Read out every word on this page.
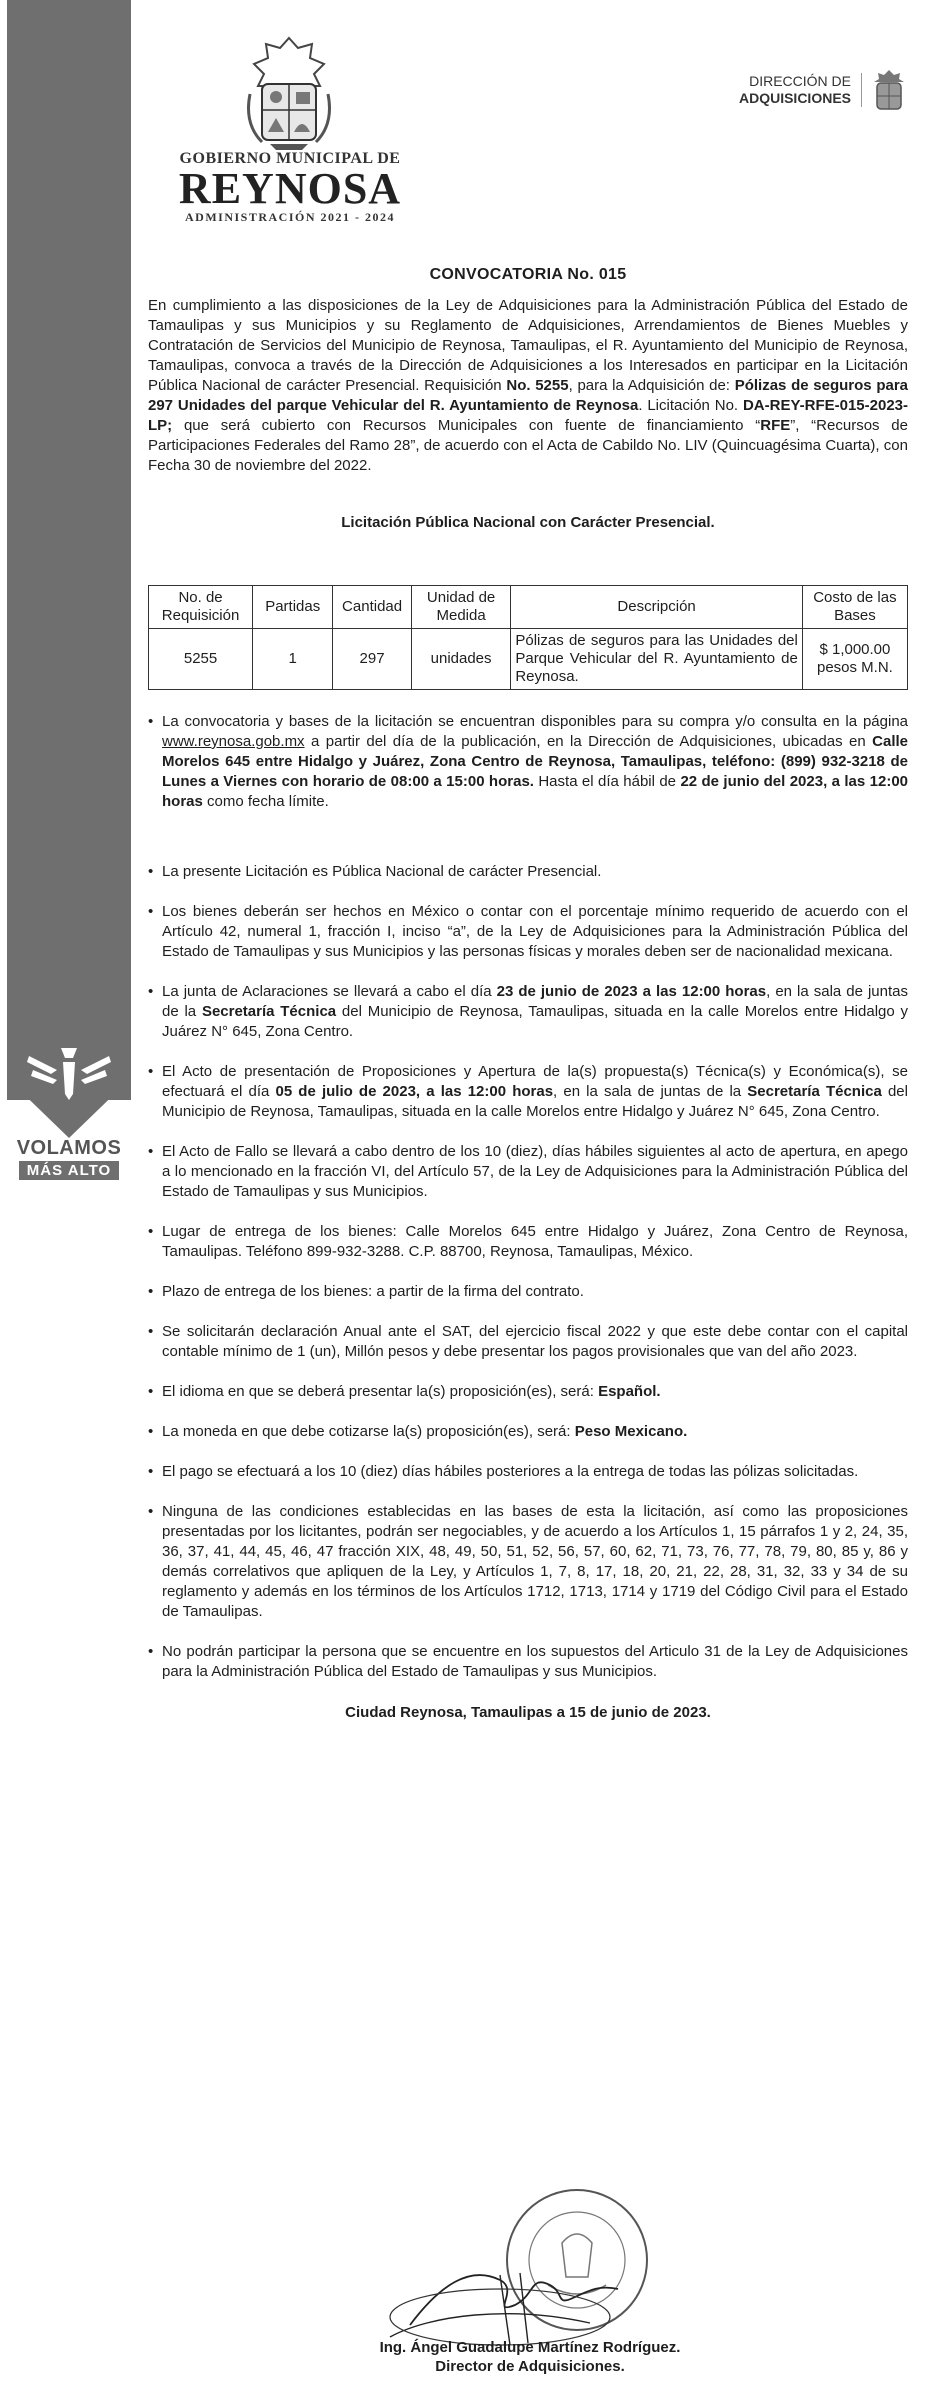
VOLAMOS
MÁS ALTO
GOBIERNO MUNICIPAL DE
REYNOSA
ADMINISTRACIÓN 2021 - 2024
DIRECCIÓN DE
ADQUISICIONES
CONVOCATORIA No. 015

En cumplimiento a las disposiciones de la Ley de Adquisiciones para la Administración Pública del Estado de Tamaulipas y sus Municipios y su Reglamento de Adquisiciones, Arrendamientos de Bienes Muebles y Contratación de Servicios del Municipio de Reynosa, Tamaulipas, el R. Ayuntamiento del Municipio de Reynosa, Tamaulipas, convoca a través de la Dirección de Adquisiciones a los Interesados en participar en la Licitación Pública Nacional de carácter Presencial. Requisición No. 5255, para la Adquisición de: Pólizas de seguros para 297 Unidades del parque Vehicular del R. Ayuntamiento de Reynosa. Licitación No. DA-REY-RFE-015-2023-LP; que será cubierto con Recursos Municipales con fuente de financiamiento “RFE”, “Recursos de Participaciones Federales del Ramo 28”, de acuerdo con el Acta de Cabildo No. LIV (Quincuagésima Cuarta), con Fecha 30 de noviembre del 2022.

Licitación Pública Nacional con Carácter Presencial.
No. de Requisición	Partidas	Cantidad	Unidad de Medida	Descripción	Costo de las Bases
5255	1	297	unidades	Pólizas de seguros para las Unidades del Parque Vehicular del R. Ayuntamiento de Reynosa.	$ 1,000.00 pesos M.N.
• La convocatoria y bases de la licitación se encuentran disponibles para su compra y/o consulta en la página www.reynosa.gob.mx a partir del día de la publicación, en la Dirección de Adquisiciones, ubicadas en Calle Morelos 645 entre Hidalgo y Juárez, Zona Centro de Reynosa, Tamaulipas, teléfono: (899) 932-3218 de Lunes a Viernes con horario de 08:00 a 15:00 horas. Hasta el día hábil de 22 de junio del 2023, a las 12:00 horas como fecha límite.
• La presente Licitación es Pública Nacional de carácter Presencial.
• Los bienes deberán ser hechos en México o contar con el porcentaje mínimo requerido de acuerdo con el Artículo 42, numeral 1, fracción I, inciso “a”, de la Ley de Adquisiciones para la Administración Pública del Estado de Tamaulipas y sus Municipios y las personas físicas y morales deben ser de nacionalidad mexicana.
• La junta de Aclaraciones se llevará a cabo el día 23 de junio de 2023 a las 12:00 horas, en la sala de juntas de la Secretaría Técnica del Municipio de Reynosa, Tamaulipas, situada en la calle Morelos entre Hidalgo y Juárez N° 645, Zona Centro.
• El Acto de presentación de Proposiciones y Apertura de la(s) propuesta(s) Técnica(s) y Económica(s), se efectuará el día 05 de julio de 2023, a las 12:00 horas, en la sala de juntas de la Secretaría Técnica del Municipio de Reynosa, Tamaulipas, situada en la calle Morelos entre Hidalgo y Juárez N° 645, Zona Centro.
• El Acto de Fallo se llevará a cabo dentro de los 10 (diez), días hábiles siguientes al acto de apertura, en apego a lo mencionado en la fracción VI, del Artículo 57, de la Ley de Adquisiciones para la Administración Pública del Estado de Tamaulipas y sus Municipios.
• Lugar de entrega de los bienes: Calle Morelos 645 entre Hidalgo y Juárez, Zona Centro de Reynosa, Tamaulipas. Teléfono 899-932-3288. C.P. 88700, Reynosa, Tamaulipas, México.
• Plazo de entrega de los bienes: a partir de la firma del contrato.
• Se solicitarán declaración Anual ante el SAT, del ejercicio fiscal 2022 y que este debe contar con el capital contable mínimo de 1 (un), Millón pesos y debe presentar los pagos provisionales que van del año 2023.
• El idioma en que se deberá presentar la(s) proposición(es), será: Español.
• La moneda en que debe cotizarse la(s) proposición(es), será: Peso Mexicano.
• El pago se efectuará a los 10 (diez) días hábiles posteriores a la entrega de todas las pólizas solicitadas.
• Ninguna de las condiciones establecidas en las bases de esta la licitación, así como las proposiciones presentadas por los licitantes, podrán ser negociables, y de acuerdo a los Artículos 1, 15 párrafos 1 y 2, 24, 35, 36, 37, 41, 44, 45, 46, 47 fracción XIX, 48, 49, 50, 51, 52, 56, 57, 60, 62, 71, 73, 76, 77, 78, 79, 80, 85 y, 86 y demás correlativos que apliquen de la Ley, y Artículos 1, 7, 8, 17, 18, 20, 21, 22, 28, 31, 32, 33 y 34 de su reglamento y además en los términos de los Artículos 1712, 1713, 1714 y 1719 del Código Civil para el Estado de Tamaulipas.
• No podrán participar la persona que se encuentre en los supuestos del Articulo 31 de la Ley de Adquisiciones para la Administración Pública del Estado de Tamaulipas y sus Municipios.
Ciudad Reynosa, Tamaulipas a 15 de junio de 2023.
Ing. Ángel Guadalupe Martínez Rodríguez.
Director de Adquisiciones.
